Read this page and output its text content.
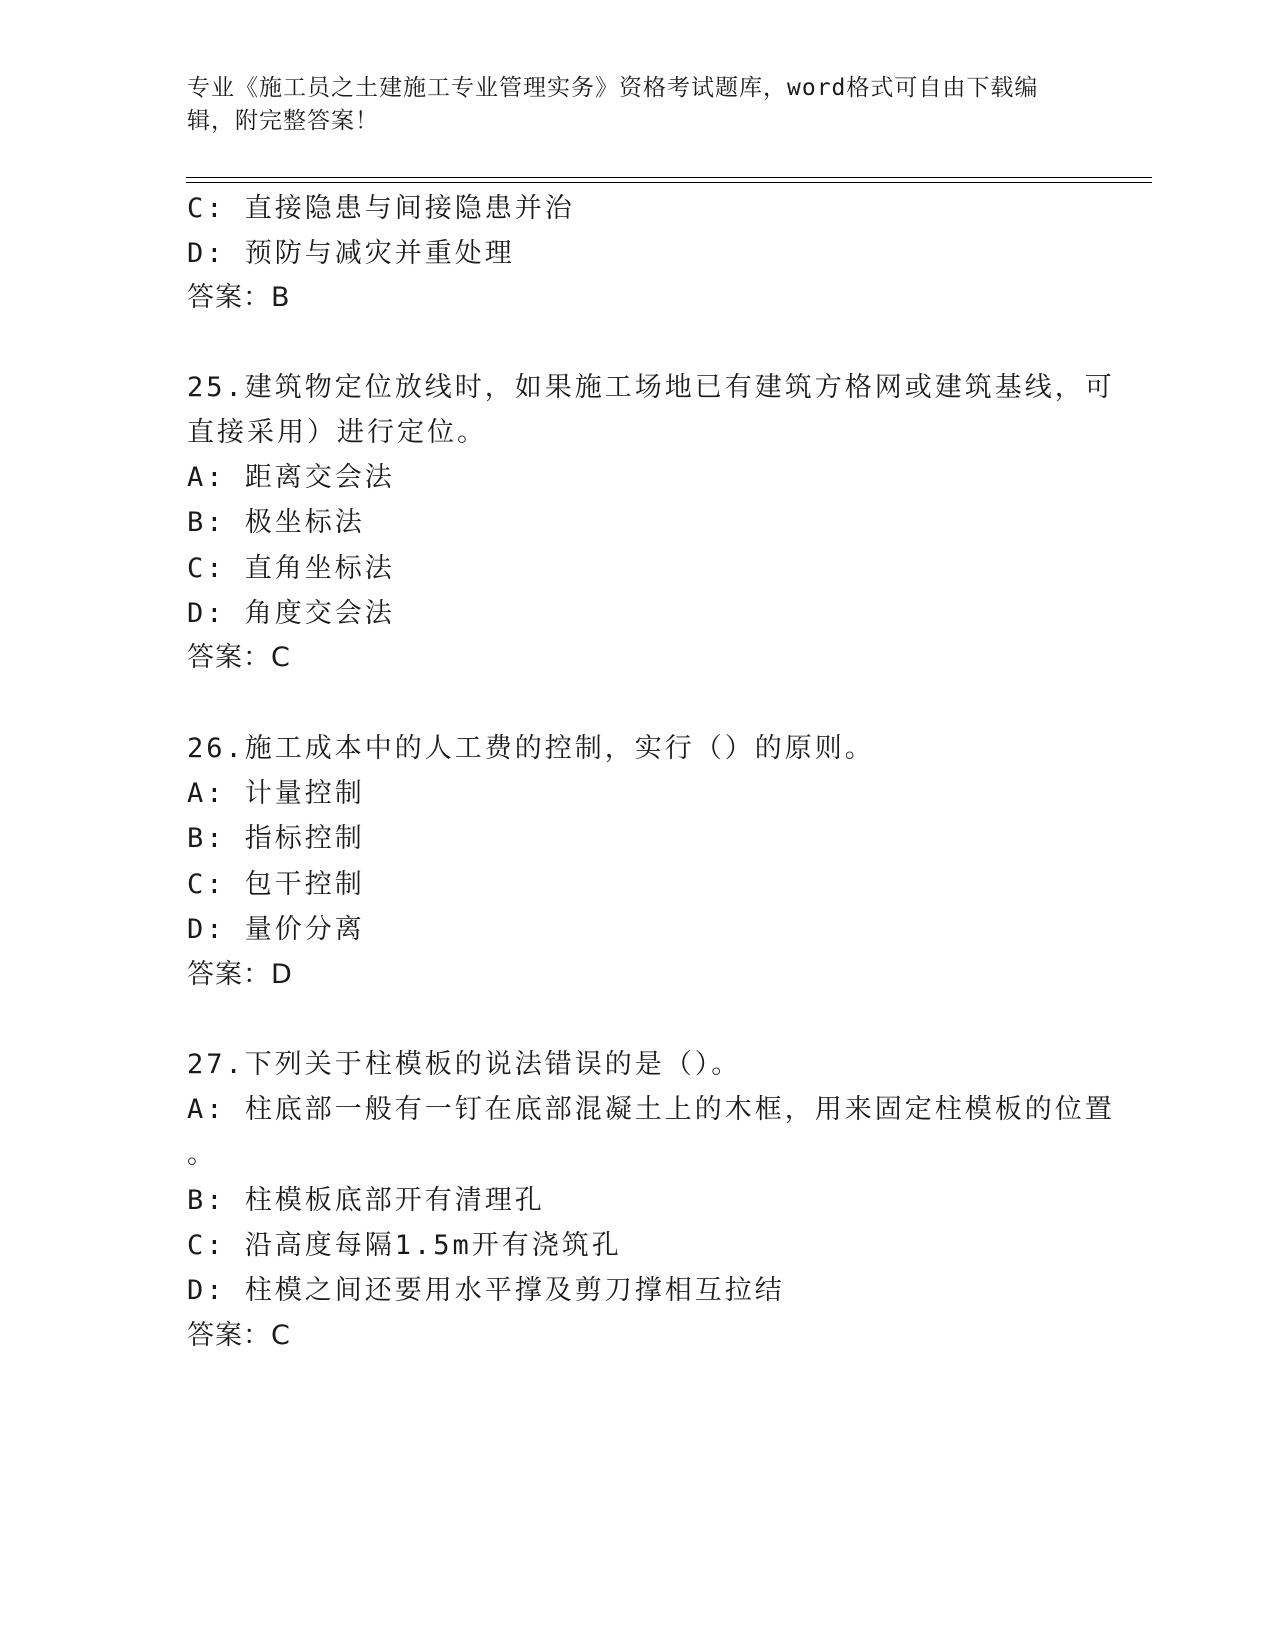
专业《施工员之土建施工专业管理实务》资格考试题库，word格式可自由下载编辑，附完整答案！
C: 直接隐患与间接隐患并治
D: 预防与减灾并重处理
答案：B
25.建筑物定位放线时，如果施工场地已有建筑方格网或建筑基线，可
直接采用）进行定位。
A: 距离交会法
B: 极坐标法
C: 直角坐标法
D: 角度交会法
答案：C
26.施工成本中的人工费的控制，实行（）的原则。
A: 计量控制
B: 指标控制
C: 包干控制
D: 量价分离
答案：D
27.下列关于柱模板的说法错误的是（）。
A: 柱底部一般有一钉在底部混凝土上的木框，用来固定柱模板的位置
。
B: 柱模板底部开有清理孔
C: 沿高度每隔1.5m开有浇筑孔
D: 柱模之间还要用水平撑及剪刀撑相互拉结
答案：C
